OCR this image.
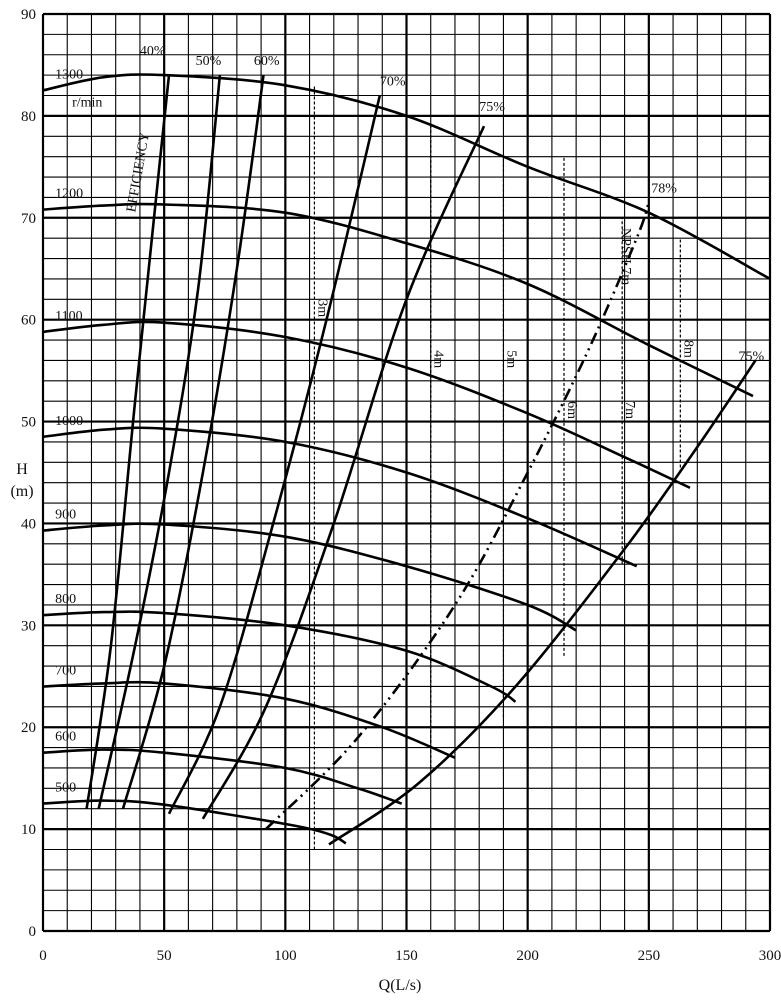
3m
4m	5m
6m	7m
8m
NPSH 7m
40%
50% 60%
70%
75%
75%
EFFICIENCY	78%
1300
r/min
1200
1100
1000
900
800
700
600
500
0	50	100	150	200	250	300
0
10
20
30
40
50
60
70
80
90
Q(L/s)
H
(m)
